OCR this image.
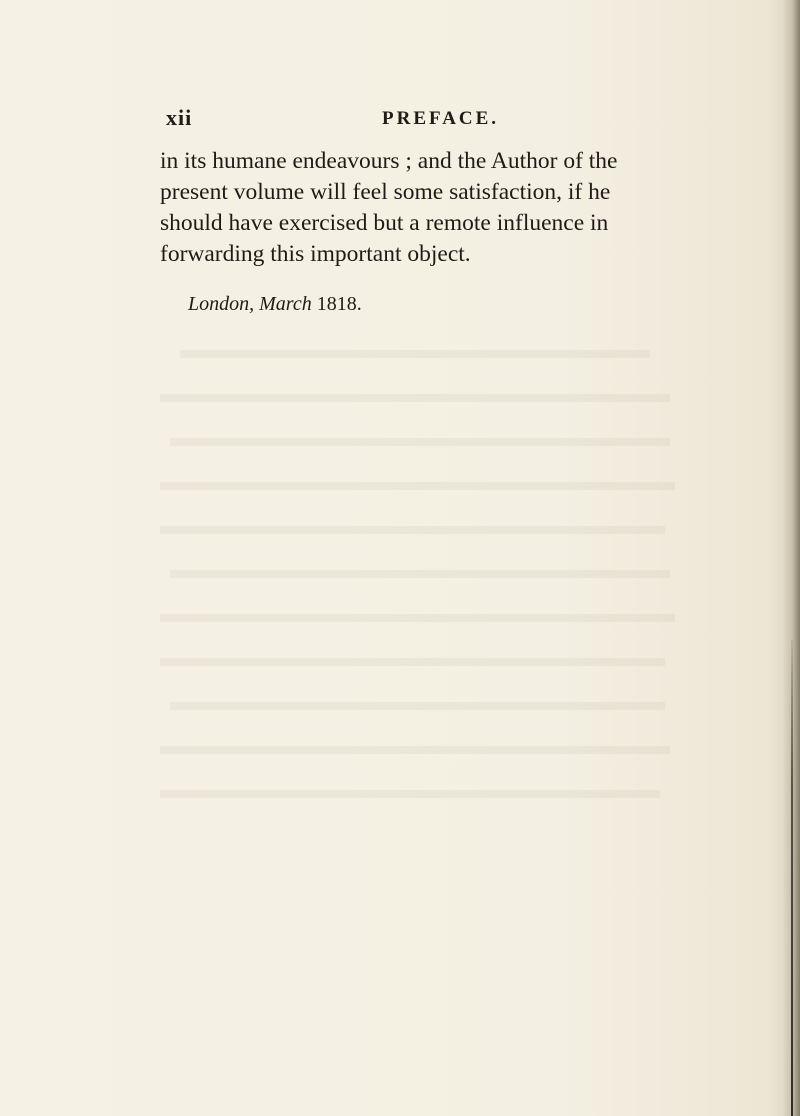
xii	PREFACE.

in its humane endeavours ; and the Author of the
present volume will feel some satisfaction, if he
should have exercised but a remote influence in
forwarding this important object.

London, March 1818.
